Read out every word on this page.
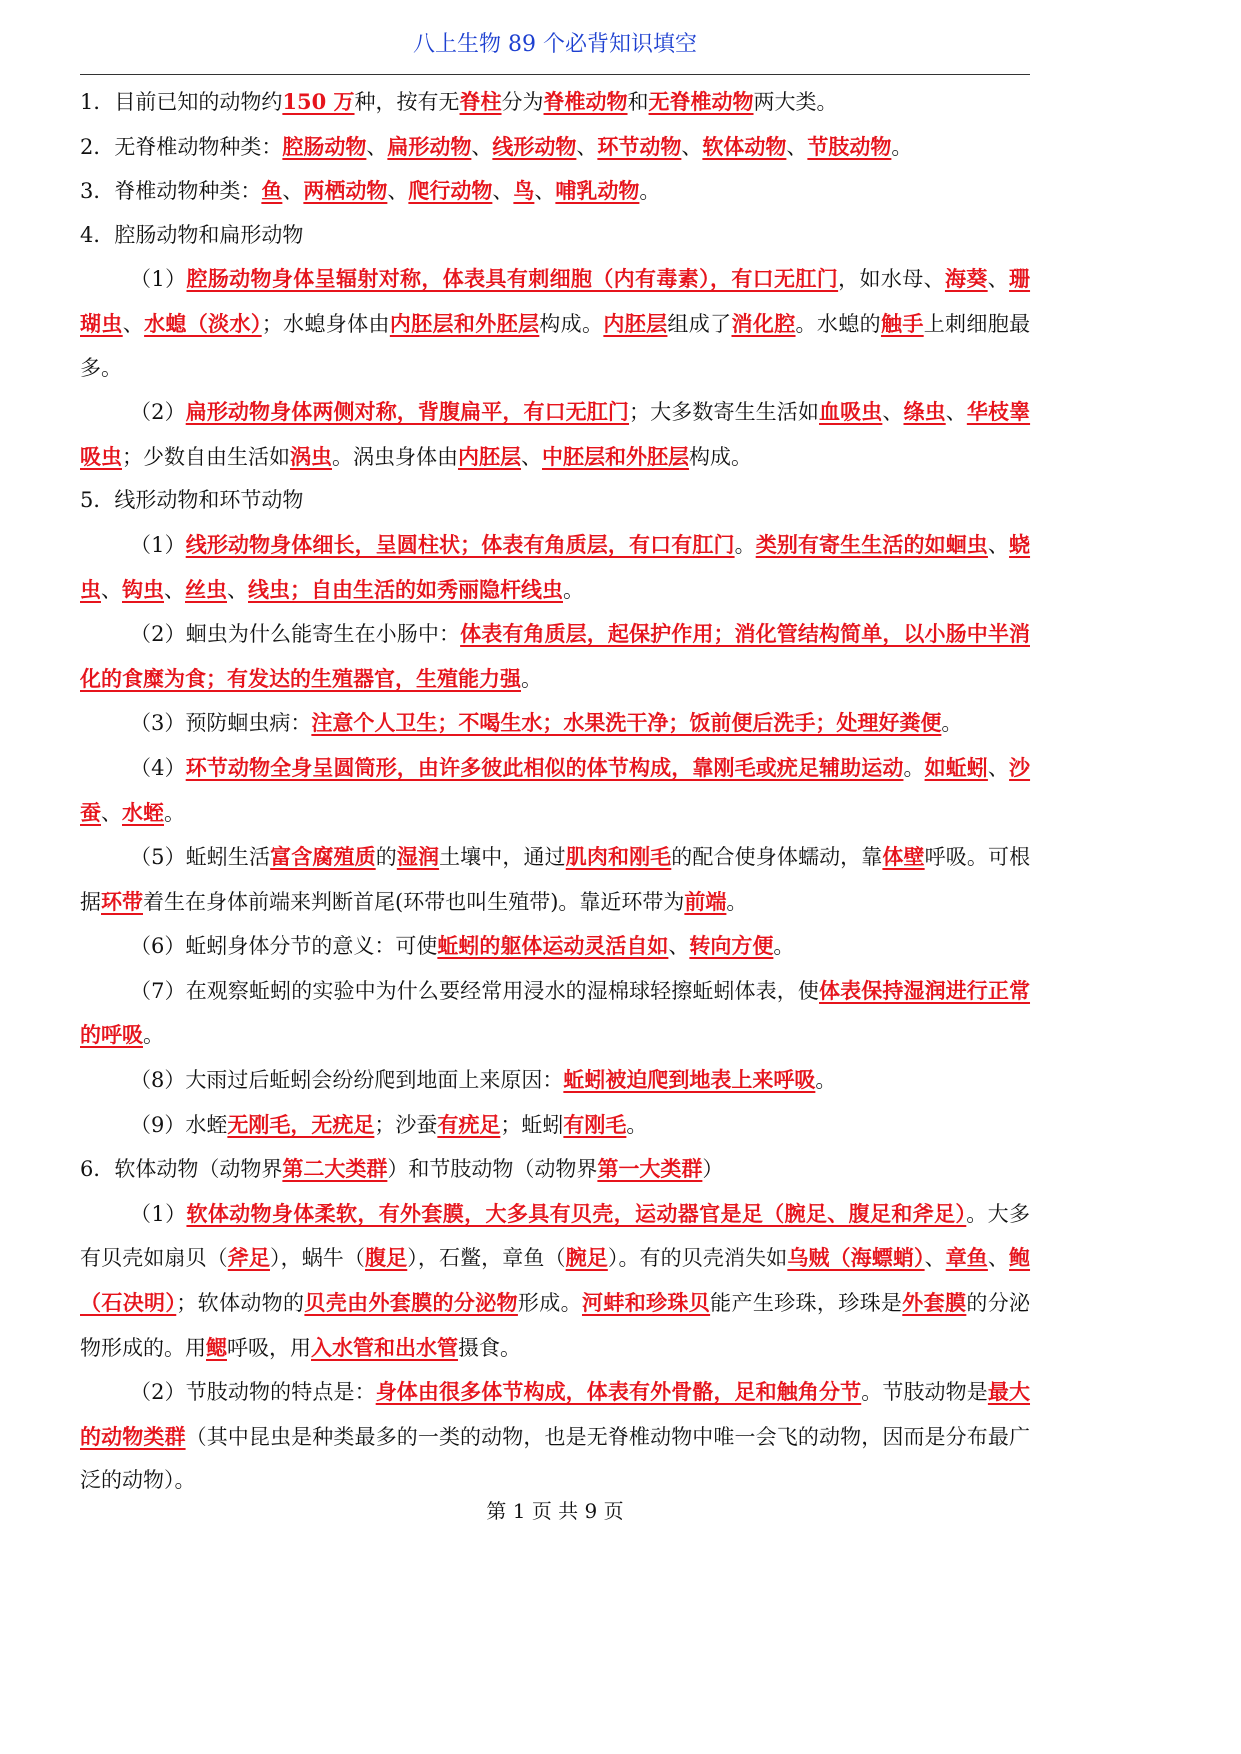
八上生物 89 个必背知识填空

1．目前已知的动物约150 万种，按有无脊柱分为脊椎动物和无脊椎动物两大类。

2．无脊椎动物种类：腔肠动物、扁形动物、线形动物、环节动物、软体动物、节肢动物。

3．脊椎动物种类：鱼、两栖动物、爬行动物、鸟、哺乳动物。

4．腔肠动物和扁形动物

（1）腔肠动物身体呈辐射对称，体表具有刺细胞（内有毒素），有口无肛门，如水母、海葵、珊瑚虫、水螅（淡水）；水螅身体由内胚层和外胚层构成。内胚层组成了消化腔。水螅的触手上刺细胞最多。

（2）扁形动物身体两侧对称，背腹扁平，有口无肛门；大多数寄生生活如血吸虫、绦虫、华枝睾吸虫；少数自由生活如涡虫。涡虫身体由内胚层、中胚层和外胚层构成。

5．线形动物和环节动物

（1）线形动物身体细长，呈圆柱状；体表有角质层，有口有肛门。类别有寄生生活的如蛔虫、蛲虫、钩虫、丝虫、线虫；自由生活的如秀丽隐杆线虫。

（2）蛔虫为什么能寄生在小肠中：体表有角质层，起保护作用；消化管结构简单，以小肠中半消化的食糜为食；有发达的生殖器官，生殖能力强。

（3）预防蛔虫病：注意个人卫生；不喝生水；水果洗干净；饭前便后洗手；处理好粪便。

（4）环节动物全身呈圆筒形，由许多彼此相似的体节构成，靠刚毛或疣足辅助运动。如蚯蚓、沙蚕、水蛭。

（5）蚯蚓生活富含腐殖质的湿润土壤中，通过肌肉和刚毛的配合使身体蠕动，靠体壁呼吸。可根据环带着生在身体前端来判断首尾(环带也叫生殖带)。靠近环带为前端。

（6）蚯蚓身体分节的意义：可使蚯蚓的躯体运动灵活自如、转向方便。

（7）在观察蚯蚓的实验中为什么要经常用浸水的湿棉球轻擦蚯蚓体表，使体表保持湿润进行正常的呼吸。

（8）大雨过后蚯蚓会纷纷爬到地面上来原因：蚯蚓被迫爬到地表上来呼吸。

（9）水蛭无刚毛，无疣足；沙蚕有疣足；蚯蚓有刚毛。

6．软体动物（动物界第二大类群）和节肢动物（动物界第一大类群）

（1）软体动物身体柔软，有外套膜，大多具有贝壳，运动器官是足（腕足、腹足和斧足）。大多有贝壳如扇贝（斧足），蜗牛（腹足），石鳖，章鱼（腕足）。有的贝壳消失如乌贼（海螵蛸）、章鱼、鲍（石决明）；软体动物的贝壳由外套膜的分泌物形成。河蚌和珍珠贝能产生珍珠，珍珠是外套膜的分泌物形成的。用鳃呼吸，用入水管和出水管摄食。

（2）节肢动物的特点是：身体由很多体节构成，体表有外骨骼，足和触角分节。节肢动物是最大的动物类群（其中昆虫是种类最多的一类的动物，也是无脊椎动物中唯一会飞的动物，因而是分布最广泛的动物）。

第 1 页 共 9 页
